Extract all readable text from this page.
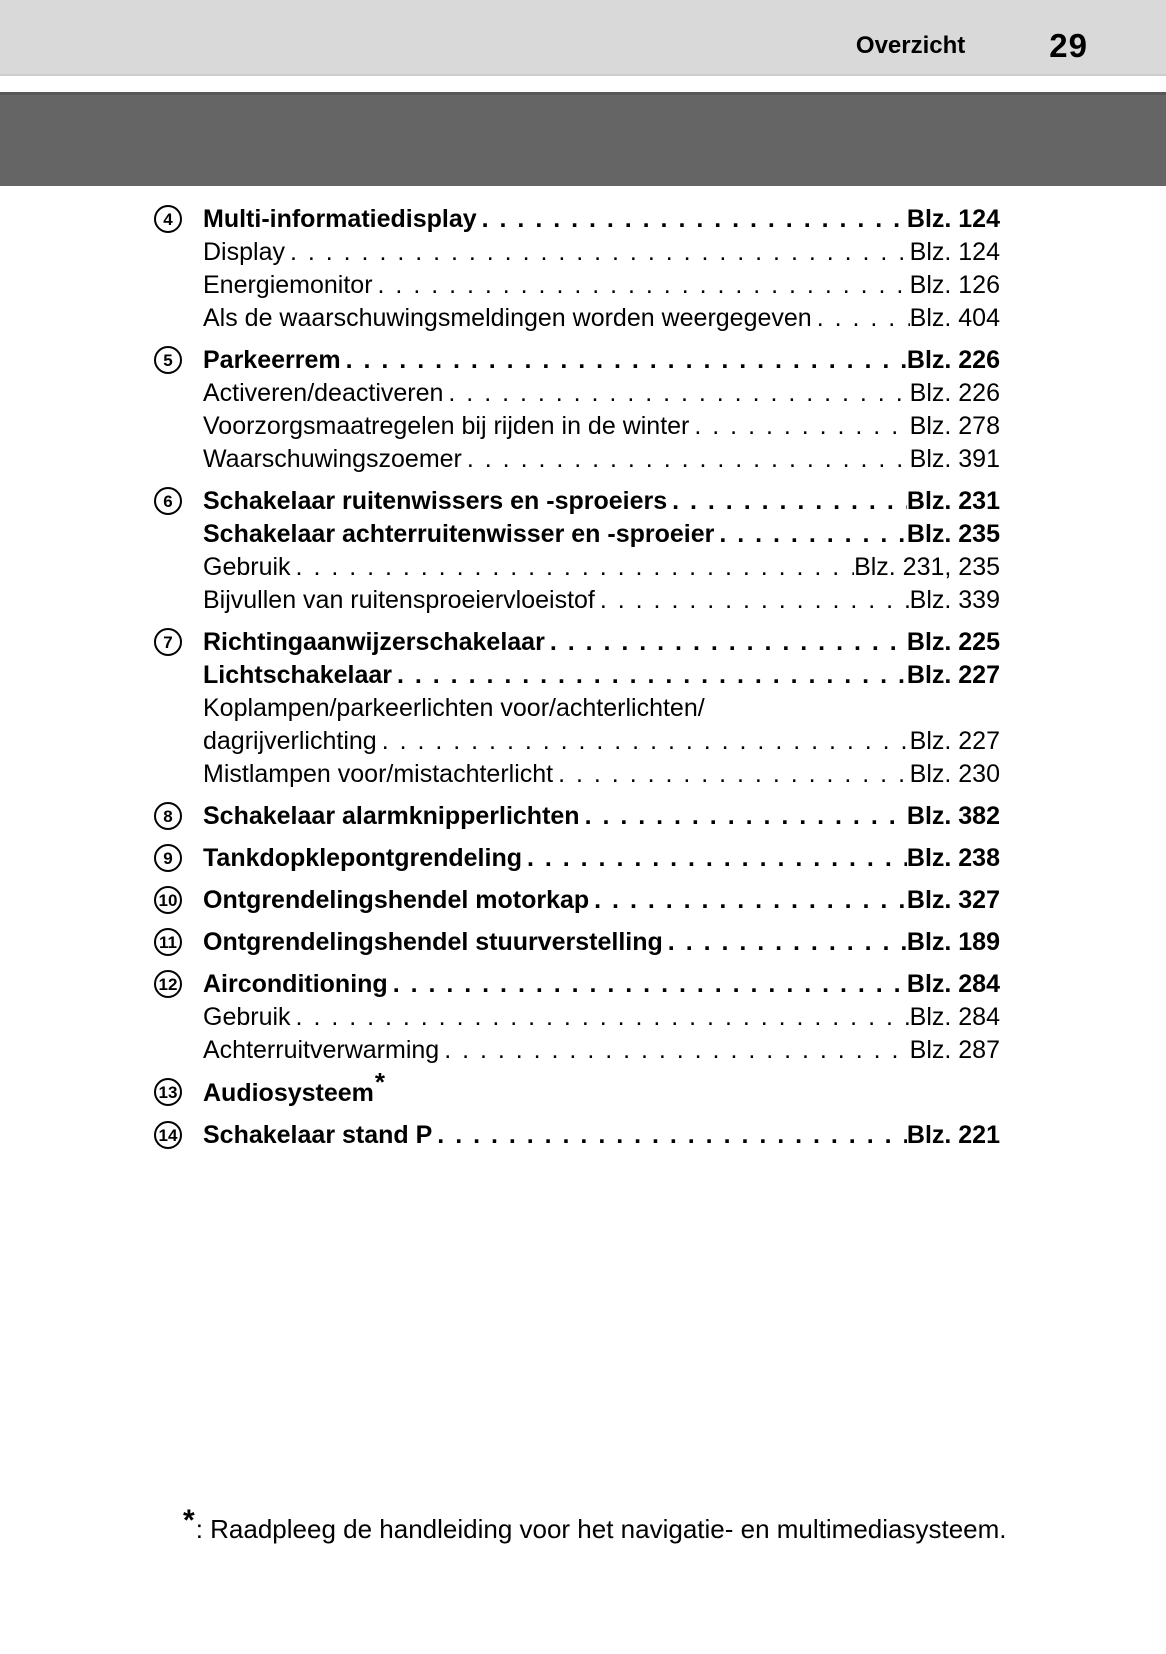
Overzicht	29
4	Multi-informatiedisplay . . .	Blz. 124
Display . . .	Blz. 124
Energiemonitor . . .	Blz. 126
Als de waarschuwingsmeldingen worden weergegeven . . .	Blz. 404
5	Parkeerrem . . .	Blz. 226
Activeren/deactiveren . . .	Blz. 226
Voorzorgsmaatregelen bij rijden in de winter . . .	Blz. 278
Waarschuwingszoemer . . .	Blz. 391
6	Schakelaar ruitenwissers en -sproeiers . . .	Blz. 231
Schakelaar achterruitenwisser en -sproeier . . .	Blz. 235
Gebruik . . .	Blz. 231, 235
Bijvullen van ruitensproeiervloeistof . . .	Blz. 339
7	Richtingaanwijzerschakelaar . . .	Blz. 225
Lichtschakelaar . . .	Blz. 227
Koplampen/parkeerlichten voor/achterlichten/
dagrijverlichting . . .	Blz. 227
Mistlampen voor/mistachterlicht . . .	Blz. 230
8	Schakelaar alarmknipperlichten . . .	Blz. 382
9	Tankdopklepontgrendeling . . .	Blz. 238
10 Ontgrendelingshendel motorkap . . .	Blz. 327
11 Ontgrendelingshendel stuurverstelling . . .	Blz. 189
12 Airconditioning . . .	Blz. 284
Gebruik . . .	Blz. 284
Achterruitverwarming . . .	Blz. 287
13 Audiosysteem *
14 Schakelaar stand P . . .	Blz. 221
*: Raadpleeg de handleiding voor het navigatie- en multimediasysteem.
